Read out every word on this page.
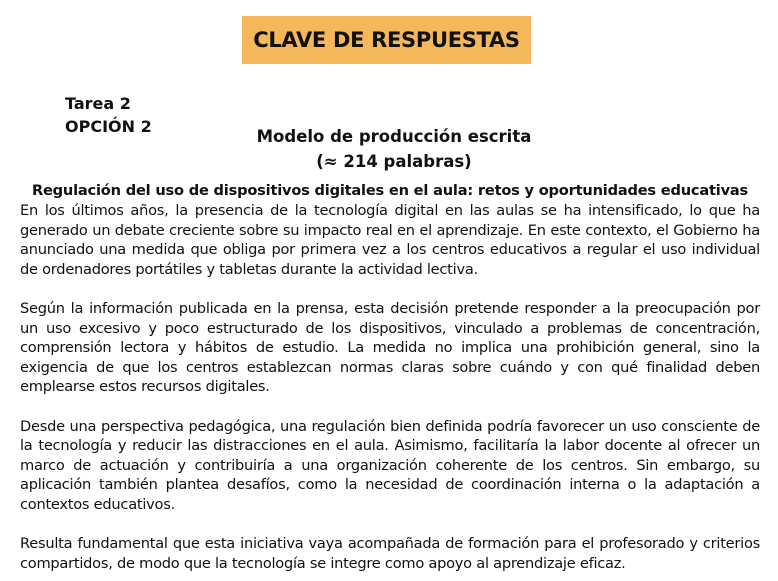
CLAVE DE RESPUESTAS
Tarea 2
OPCIÓN 2
Modelo de producción escrita
(≈ 214 palabras)
Regulación del uso de dispositivos digitales en el aula: retos y oportunidades educativas

En los últimos años, la presencia de la tecnología digital en las aulas se ha intensificado, lo que ha generado un debate creciente sobre su impacto real en el aprendizaje. En este contexto, el Gobierno ha anunciado una medida que obliga por primera vez a los centros educativos a regular el uso individual de ordenadores portátiles y tabletas durante la actividad lectiva.

Según la información publicada en la prensa, esta decisión pretende responder a la preocupación por un uso excesivo y poco estructurado de los dispositivos, vinculado a problemas de concentración, comprensión lectora y hábitos de estudio. La medida no implica una prohibición general, sino la exigencia de que los centros establezcan normas claras sobre cuándo y con qué finalidad deben emplearse estos recursos digitales.

Desde una perspectiva pedagógica, una regulación bien definida podría favorecer un uso consciente de la tecnología y reducir las distracciones en el aula. Asimismo, facilitaría la labor docente al ofrecer un marco de actuación y contribuiría a una organización coherente de los centros. Sin embargo, su aplicación también plantea desafíos, como la necesidad de coordinación interna o la adaptación a contextos educativos.

Resulta fundamental que esta iniciativa vaya acompañada de formación para el profesorado y criterios compartidos, de modo que la tecnología se integre como apoyo al aprendizaje eficaz.
